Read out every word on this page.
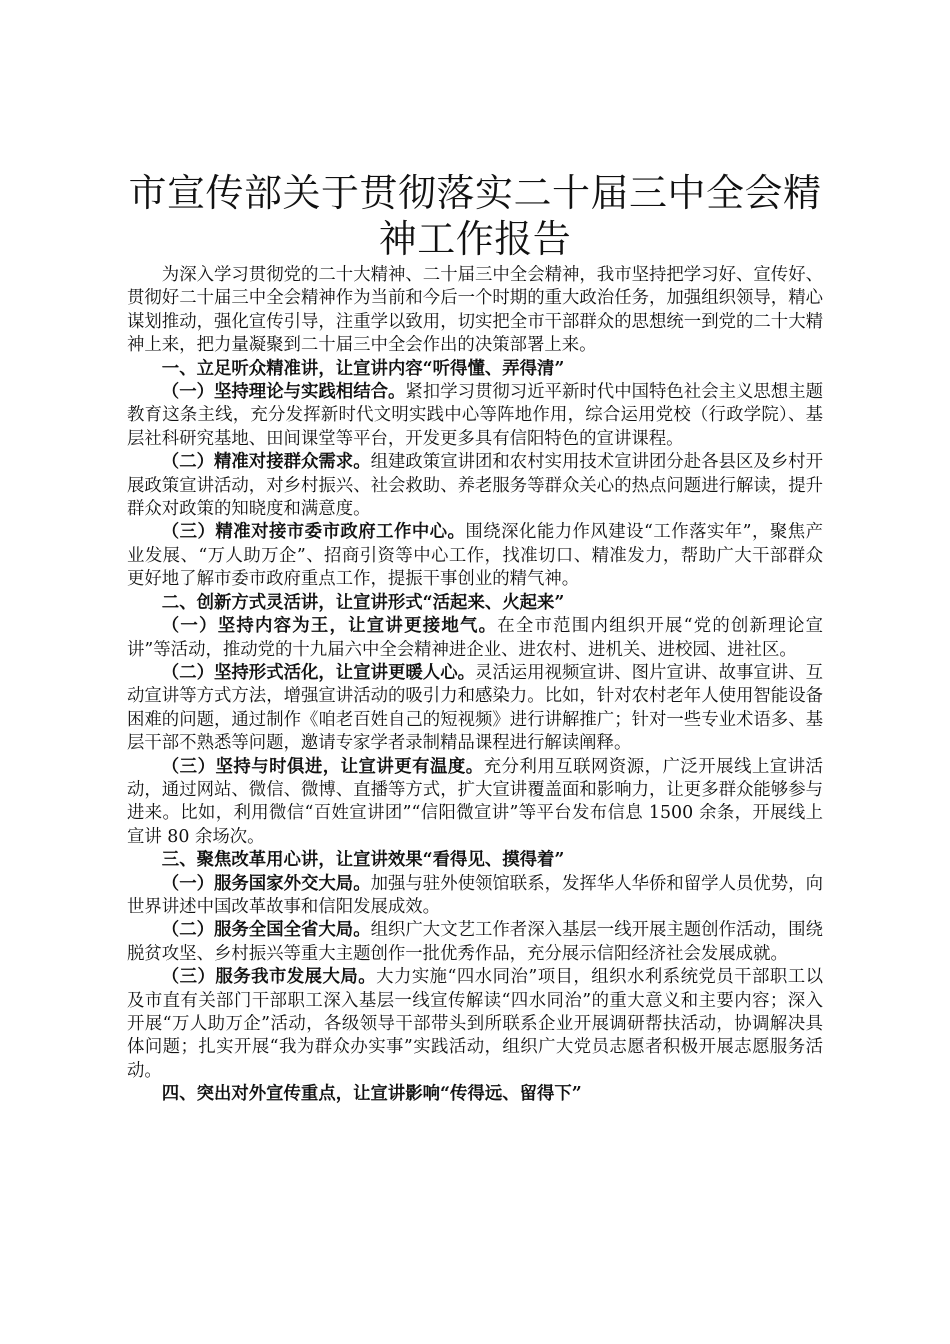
市宣传部关于贯彻落实二十届三中全会精神工作报告

为深入学习贯彻党的二十大精神、二十届三中全会精神，我市坚持把学习好、宣传好、贯彻好二十届三中全会精神作为当前和今后一个时期的重大政治任务，加强组织领导，精心谋划推动，强化宣传引导，注重学以致用，切实把全市干部群众的思想统一到党的二十大精神上来，把力量凝聚到二十届三中全会作出的决策部署上来。

一、立足听众精准讲，让宣讲内容“听得懂、弄得清”

（一）坚持理论与实践相结合。紧扣学习贯彻习近平新时代中国特色社会主义思想主题教育这条主线，充分发挥新时代文明实践中心等阵地作用，综合运用党校（行政学院）、基层社科研究基地、田间课堂等平台，开发更多具有信阳特色的宣讲课程。

（二）精准对接群众需求。组建政策宣讲团和农村实用技术宣讲团分赴各县区及乡村开展政策宣讲活动，对乡村振兴、社会救助、养老服务等群众关心的热点问题进行解读，提升群众对政策的知晓度和满意度。

（三）精准对接市委市政府工作中心。围绕深化能力作风建设“工作落实年”，聚焦产业发展、“万人助万企”、招商引资等中心工作，找准切口、精准发力，帮助广大干部群众更好地了解市委市政府重点工作，提振干事创业的精气神。

二、创新方式灵活讲，让宣讲形式“活起来、火起来”

（一）坚持内容为王，让宣讲更接地气。在全市范围内组织开展“党的创新理论宣讲”等活动，推动党的十九届六中全会精神进企业、进农村、进机关、进校园、进社区。

（二）坚持形式活化，让宣讲更暖人心。灵活运用视频宣讲、图片宣讲、故事宣讲、互动宣讲等方式方法，增强宣讲活动的吸引力和感染力。比如，针对农村老年人使用智能设备困难的问题，通过制作《咱老百姓自己的短视频》进行讲解推广；针对一些专业术语多、基层干部不熟悉等问题，邀请专家学者录制精品课程进行解读阐释。

（三）坚持与时俱进，让宣讲更有温度。充分利用互联网资源，广泛开展线上宣讲活动，通过网站、微信、微博、直播等方式，扩大宣讲覆盖面和影响力，让更多群众能够参与进来。比如，利用微信“百姓宣讲团”“信阳微宣讲”等平台发布信息 1500 余条，开展线上宣讲 80 余场次。

三、聚焦改革用心讲，让宣讲效果“看得见、摸得着”

（一）服务国家外交大局。加强与驻外使领馆联系，发挥华人华侨和留学人员优势，向世界讲述中国改革故事和信阳发展成效。

（二）服务全国全省大局。组织广大文艺工作者深入基层一线开展主题创作活动，围绕脱贫攻坚、乡村振兴等重大主题创作一批优秀作品，充分展示信阳经济社会发展成就。

（三）服务我市发展大局。大力实施“四水同治”项目，组织水利系统党员干部职工以及市直有关部门干部职工深入基层一线宣传解读“四水同治”的重大意义和主要内容；深入开展“万人助万企”活动，各级领导干部带头到所联系企业开展调研帮扶活动，协调解决具体问题；扎实开展“我为群众办实事”实践活动，组织广大党员志愿者积极开展志愿服务活动。

四、突出对外宣传重点，让宣讲影响“传得远、留得下”
